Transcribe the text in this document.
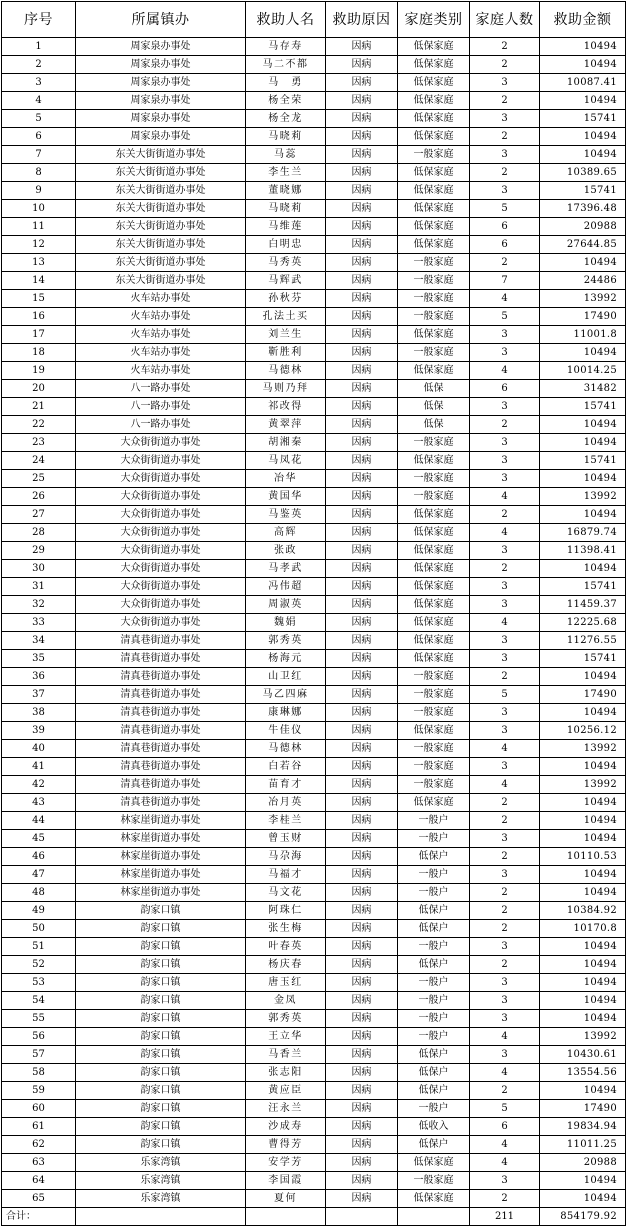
序号	所属镇办	救助人名	救助原因	家庭类别	家庭人数	救助金额
1	周家泉办事处	马存寿	因病	低保家庭	2	10494
2	周家泉办事处	马二不都	因病	低保家庭	2	10494
3	周家泉办事处	马　勇	因病	低保家庭	3	10087.41
4	周家泉办事处	杨全荣	因病	低保家庭	2	10494
5	周家泉办事处	杨全龙	因病	低保家庭	3	15741
6	周家泉办事处	马晓莉	因病	低保家庭	2	10494
7	东关大街街道办事处	马蕊	因病	一般家庭	3	10494
8	东关大街街道办事处	李生兰	因病	低保家庭	2	10389.65
9	东关大街街道办事处	董晓娜	因病	低保家庭	3	15741
10	东关大街街道办事处	马晓莉	因病	低保家庭	5	17396.48
11	东关大街街道办事处	马维莲	因病	低保家庭	6	20988
12	东关大街街道办事处	白明忠	因病	低保家庭	6	27644.85
13	东关大街街道办事处	马秀英	因病	一般家庭	2	10494
14	东关大街街道办事处	马辉武	因病	一般家庭	7	24486
15	火车站办事处	孙秋芬	因病	一般家庭	4	13992
16	火车站办事处	孔法土买	因病	一般家庭	5	17490
17	火车站办事处	刘兰生	因病	低保家庭	3	11001.8
18	火车站办事处	靳胜利	因病	一般家庭	3	10494
19	火车站办事处	马德林	因病	低保家庭	4	10014.25
20	八一路办事处	马则乃拜	因病	低保	6	31482
21	八一路办事处	祁改得	因病	低保	3	15741
22	八一路办事处	黄翠萍	因病	低保	2	10494
23	大众街街道办事处	胡湘秦	因病	一般家庭	3	10494
24	大众街街道办事处	马凤花	因病	低保家庭	3	15741
25	大众街街道办事处	冶华	因病	一般家庭	3	10494
26	大众街街道办事处	黄国华	因病	一般家庭	4	13992
27	大众街街道办事处	马鉴英	因病	低保家庭	2	10494
28	大众街街道办事处	高辉	因病	低保家庭	4	16879.74
29	大众街街道办事处	张政	因病	低保家庭	3	11398.41
30	大众街街道办事处	马孝武	因病	低保家庭	2	10494
31	大众街街道办事处	冯伟超	因病	低保家庭	3	15741
32	大众街街道办事处	周淑英	因病	低保家庭	3	11459.37
33	大众街街道办事处	魏娟	因病	低保家庭	4	12225.68
34	清真巷街道办事处	郭秀英	因病	低保家庭	3	11276.55
35	清真巷街道办事处	杨海元	因病	低保家庭	3	15741
36	清真巷街道办事处	山卫红	因病	一般家庭	2	10494
37	清真巷街道办事处	马乙四麻	因病	一般家庭	5	17490
38	清真巷街道办事处	康琳娜	因病	一般家庭	3	10494
39	清真巷街道办事处	牛佳仪	因病	低保家庭	3	10256.12
40	清真巷街道办事处	马德林	因病	一般家庭	4	13992
41	清真巷街道办事处	白若谷	因病	一般家庭	3	10494
42	清真巷街道办事处	苗育才	因病	一般家庭	4	13992
43	清真巷街道办事处	冶月英	因病	低保家庭	2	10494
44	林家崖街道办事处	李桂兰	因病	一般户	2	10494
45	林家崖街道办事处	曾玉财	因病	一般户	3	10494
46	林家崖街道办事处	马尕海	因病	低保户	2	10110.53
47	林家崖街道办事处	马福才	因病	一般户	3	10494
48	林家崖街道办事处	马文花	因病	一般户	2	10494
49	韵家口镇	阿珠仁	因病	低保户	2	10384.92
50	韵家口镇	张生梅	因病	低保户	2	10170.8
51	韵家口镇	叶春英	因病	一般户	3	10494
52	韵家口镇	杨庆春	因病	低保户	2	10494
53	韵家口镇	唐玉红	因病	一般户	3	10494
54	韵家口镇	金凤	因病	一般户	3	10494
55	韵家口镇	郭秀英	因病	一般户	3	10494
56	韵家口镇	王立华	因病	一般户	4	13992
57	韵家口镇	马香兰	因病	低保户	3	10430.61
58	韵家口镇	张志阳	因病	低保户	4	13554.56
59	韵家口镇	黄应臣	因病	低保户	2	10494
60	韵家口镇	汪永兰	因病	一般户	5	17490
61	韵家口镇	沙成寿	因病	低收入	6	19834.94
62	韵家口镇	曹得芳	因病	低保户	4	11011.25
63	乐家湾镇	安学芳	因病	低保家庭	4	20988
64	乐家湾镇	李国霞	因病	一般家庭	3	10494
65	乐家湾镇	夏何	因病	低保家庭	2	10494
合计：					211	854179.92
